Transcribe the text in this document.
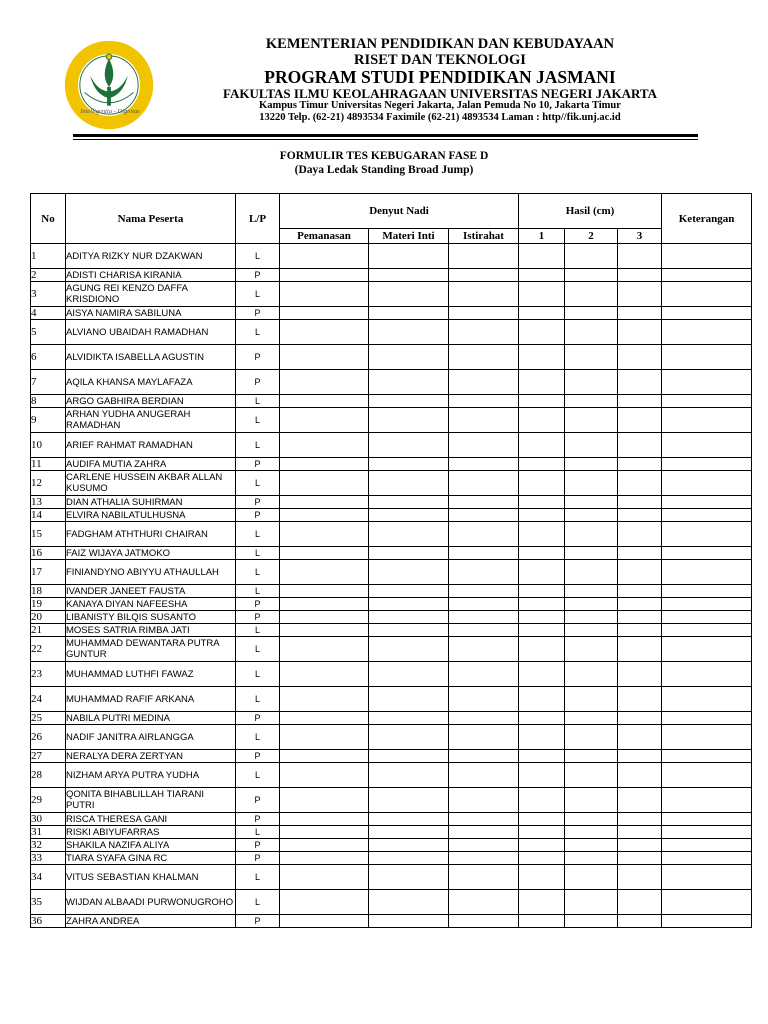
Intelligentia - Dignitas
KEMENTERIAN PENDIDIKAN DAN KEBUDAYAAN
RISET DAN TEKNOLOGI
PROGRAM STUDI PENDIDIKAN JASMANI
FAKULTAS ILMU KEOLAHRAGAAN UNIVERSITAS NEGERI JAKARTA
Kampus Timur Universitas Negeri Jakarta, Jalan Pemuda No 10, Jakarta Timur
13220 Telp. (62-21) 4893534 Faximile (62-21) 4893534 Laman : http//fik.unj.ac.id
FORMULIR TES KEBUGARAN FASE D
(Daya Ledak Standing Broad Jump)
No	Nama Peserta	L/P	Denyut Nadi			Hasil (cm)			Keterangan
			Pemanasan	Materi Inti	Istirahat	1	2	3	
1	ADITYA RIZKY NUR DZAKWAN	L							
2	ADISTI CHARISA KIRANIA	P							
3	AGUNG REI KENZO DAFFA KRISDIONO	L							
4	AISYA NAMIRA SABILUNA	P							
5	ALVIANO UBAIDAH RAMADHAN	L							
6	ALVIDIKTA ISABELLA AGUSTIN	P							
7	AQILA KHANSA MAYLAFAZA	P							
8	ARGO GABHIRA BERDIAN	L							
9	ARHAN YUDHA ANUGERAH RAMADHAN	L							
10	ARIEF RAHMAT RAMADHAN	L							
11	AUDIFA MUTIA ZAHRA	P							
12	CARLENE HUSSEIN AKBAR ALLAN KUSUMO	L							
13	DIAN ATHALIA SUHIRMAN	P							
14	ELVIRA NABILATULHUSNA	P							
15	FADGHAM ATHTHURI CHAIRAN	L							
16	FAIZ WIJAYA JATMOKO	L							
17	FINIANDYNO ABIYYU ATHAULLAH	L							
18	IVANDER JANEET FAUSTA	L							
19	KANAYA DIYAN NAFEESHA	P							
20	LIBANISTY BILQIS SUSANTO	P							
21	MOSES SATRIA RIMBA JATI	L							
22	MUHAMMAD DEWANTARA PUTRA GUNTUR	L							
23	MUHAMMAD LUTHFI FAWAZ	L							
24	MUHAMMAD RAFIF ARKANA	L							
25	NABILA PUTRI MEDINA	P							
26	NADIF JANITRA AIRLANGGA	L							
27	NERALYA DERA ZERTYAN	P							
28	NIZHAM ARYA PUTRA YUDHA	L							
29	QONITA BIHABLILLAH TIARANI PUTRI	P							
30	RISCA THERESA GANI	P							
31	RISKI ABIYUFARRAS	L							
32	SHAKILA NAZIFA ALIYA	P							
33	TIARA SYAFA GINA RC	P							
34	VITUS SEBASTIAN KHALMAN	L							
35	WIJDAN ALBAADI PURWONUGROHO	L							
36	ZAHRA ANDREA	P							
